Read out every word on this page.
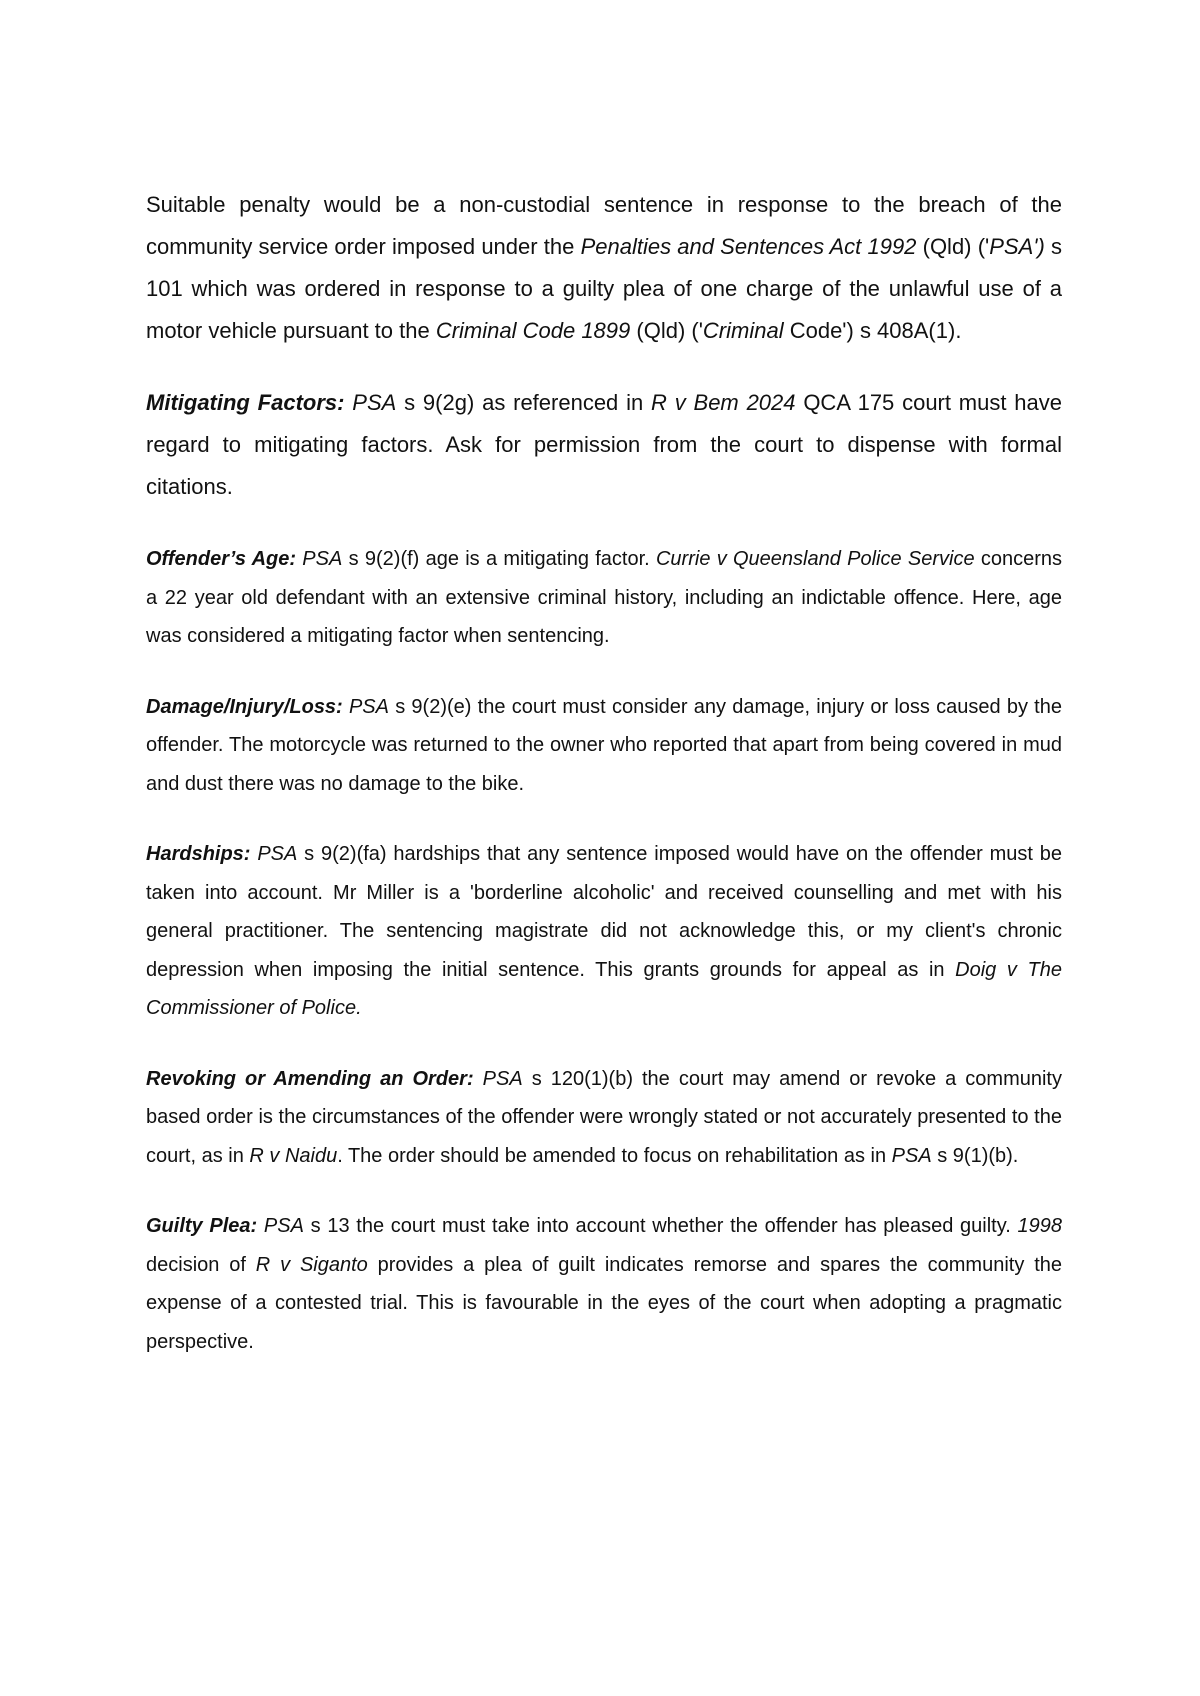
Suitable penalty would be a non-custodial sentence in response to the breach of the community service order imposed under the Penalties and Sentences Act 1992 (Qld) ('PSA') s 101 which was ordered in response to a guilty plea of one charge of the unlawful use of a motor vehicle pursuant to the Criminal Code 1899 (Qld) ('Criminal Code') s 408A(1).

Mitigating Factors: PSA s 9(2g) as referenced in R v Bem 2024 QCA 175 court must have regard to mitigating factors. Ask for permission from the court to dispense with formal citations.

Offender’s Age: PSA s 9(2)(f) age is a mitigating factor. Currie v Queensland Police Service concerns a 22 year old defendant with an extensive criminal history, including an indictable offence. Here, age was considered a mitigating factor when sentencing.

Damage/Injury/Loss: PSA s 9(2)(e) the court must consider any damage, injury or loss caused by the offender. The motorcycle was returned to the owner who reported that apart from being covered in mud and dust there was no damage to the bike.

Hardships: PSA s 9(2)(fa) hardships that any sentence imposed would have on the offender must be taken into account. Mr Miller is a 'borderline alcoholic' and received counselling and met with his general practitioner. The sentencing magistrate did not acknowledge this, or my client's chronic depression when imposing the initial sentence. This grants grounds for appeal as in Doig v The Commissioner of Police.

Revoking or Amending an Order: PSA s 120(1)(b) the court may amend or revoke a community based order is the circumstances of the offender were wrongly stated or not accurately presented to the court, as in R v Naidu. The order should be amended to focus on rehabilitation as in PSA s 9(1)(b).

Guilty Plea: PSA s 13 the court must take into account whether the offender has pleased guilty. 1998 decision of R v Siganto provides a plea of guilt indicates remorse and spares the community the expense of a contested trial. This is favourable in the eyes of the court when adopting a pragmatic perspective.
